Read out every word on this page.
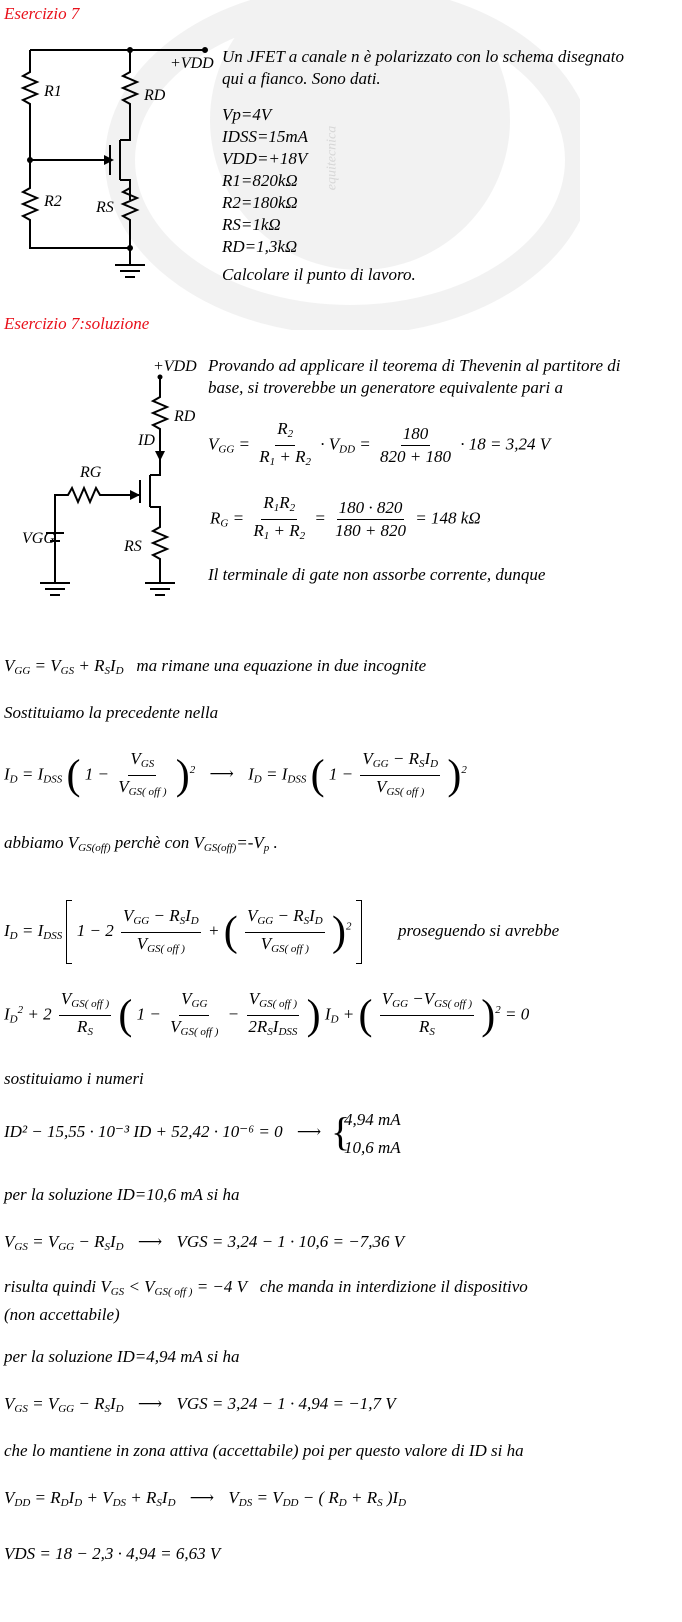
equitecnica
Esercizio 7
+VDD
R1	RD
R2 RS
Un JFET a canale n è polarizzato con lo schema disegnato
qui a fianco. Sono dati.
Vp=4V
IDSS=15mA
VDD=+18V
R1=820kΩ
R2=180kΩ
RS=1kΩ
RD=1,3kΩ
Calcolare il punto di lavoro.
Esercizio 7:soluzione
+VDD
RD
ID
RG
VGG	RS
Provando ad applicare il teorema di Thevenin al partitore di
base, si troverebbe un generatore equivalente pari a
$V_{GG} = \frac{R_2}{R_1 + R_2} \cdot V_{DD} = \frac{180}{820 + 180} \cdot 18 = 3,24$ V
$R_G = \frac{R_1R_2}{R_1 + R_2} = \frac{180 \cdot 820}{180 + 820} = 148$ kΩ
Il terminale di gate non assorbe corrente, dunque
$V_{GG} = V_{GS} + R_SI_D$ ma rimane una equazione in due incognite
Sostituiamo la precedente nella
$I_D = I_{DSS}$ ( $1 - \frac{V_{GS}}{V_{GS( off )}} )^2$ ⟶ $I_D = I_{DSS}$ ( $1 - \frac{V_{GG} - R_SI_D}{V_{GS( off )}} )^2$
abbiamo $V_{GS(off)}$ perchè con $V_{GS(off)}=-V_p$ .
$I_D = I_{DSS}$  $1 - 2 \frac{V_{GG} - R_SI_D}{V_{GS( off )}}$ + ( $\frac{V_{GG} - R_SI_D}{V_{GS( off )}} )^2$	proseguendo si avrebbe
$I_D^2 + 2 \frac{V_{GS( off )}}{R_S}$ ( $1 - \frac{V_{GG}}{V_{GS( off )}} - \frac{V_{GS( off )}}{2R_SI_{DSS}}$ ) $I_D$ + ( $\frac{V_{GG} -V_{GS( off )}}{R_S} )^2 = 0$
sostituiamo i numeri
ID² − 15,55 · 10⁻³ ID + 52,42 · 10⁻⁶ = 0 ⟶ {
4,94 mA
10,6 mA
per la soluzione ID=10,6 mA si ha
$V_{GS} = V_{GG} - R_SI_D$ ⟶ VGS = 3,24 − 1 · 10,6 = −7,36 V
risulta quindi $V_{GS} < V_{GS( off )} = -4$ V   che manda in interdizione il dispositivo
(non accettabile)
per la soluzione ID=4,94 mA si ha
$V_{GS} = V_{GG} - R_SI_D$ ⟶ VGS = 3,24 − 1 · 4,94 = −1,7 V
che lo mantiene in zona attiva (accettabile) poi per questo valore di ID si ha
$V_{DD} = R_DI_D + V_{DS} + R_SI_D$ ⟶ $V_{DS} = V_{DD}$ − ( $R_D + R_S$ )$I_D$
VDS = 18 − 2,3 · 4,94 = 6,63 V
